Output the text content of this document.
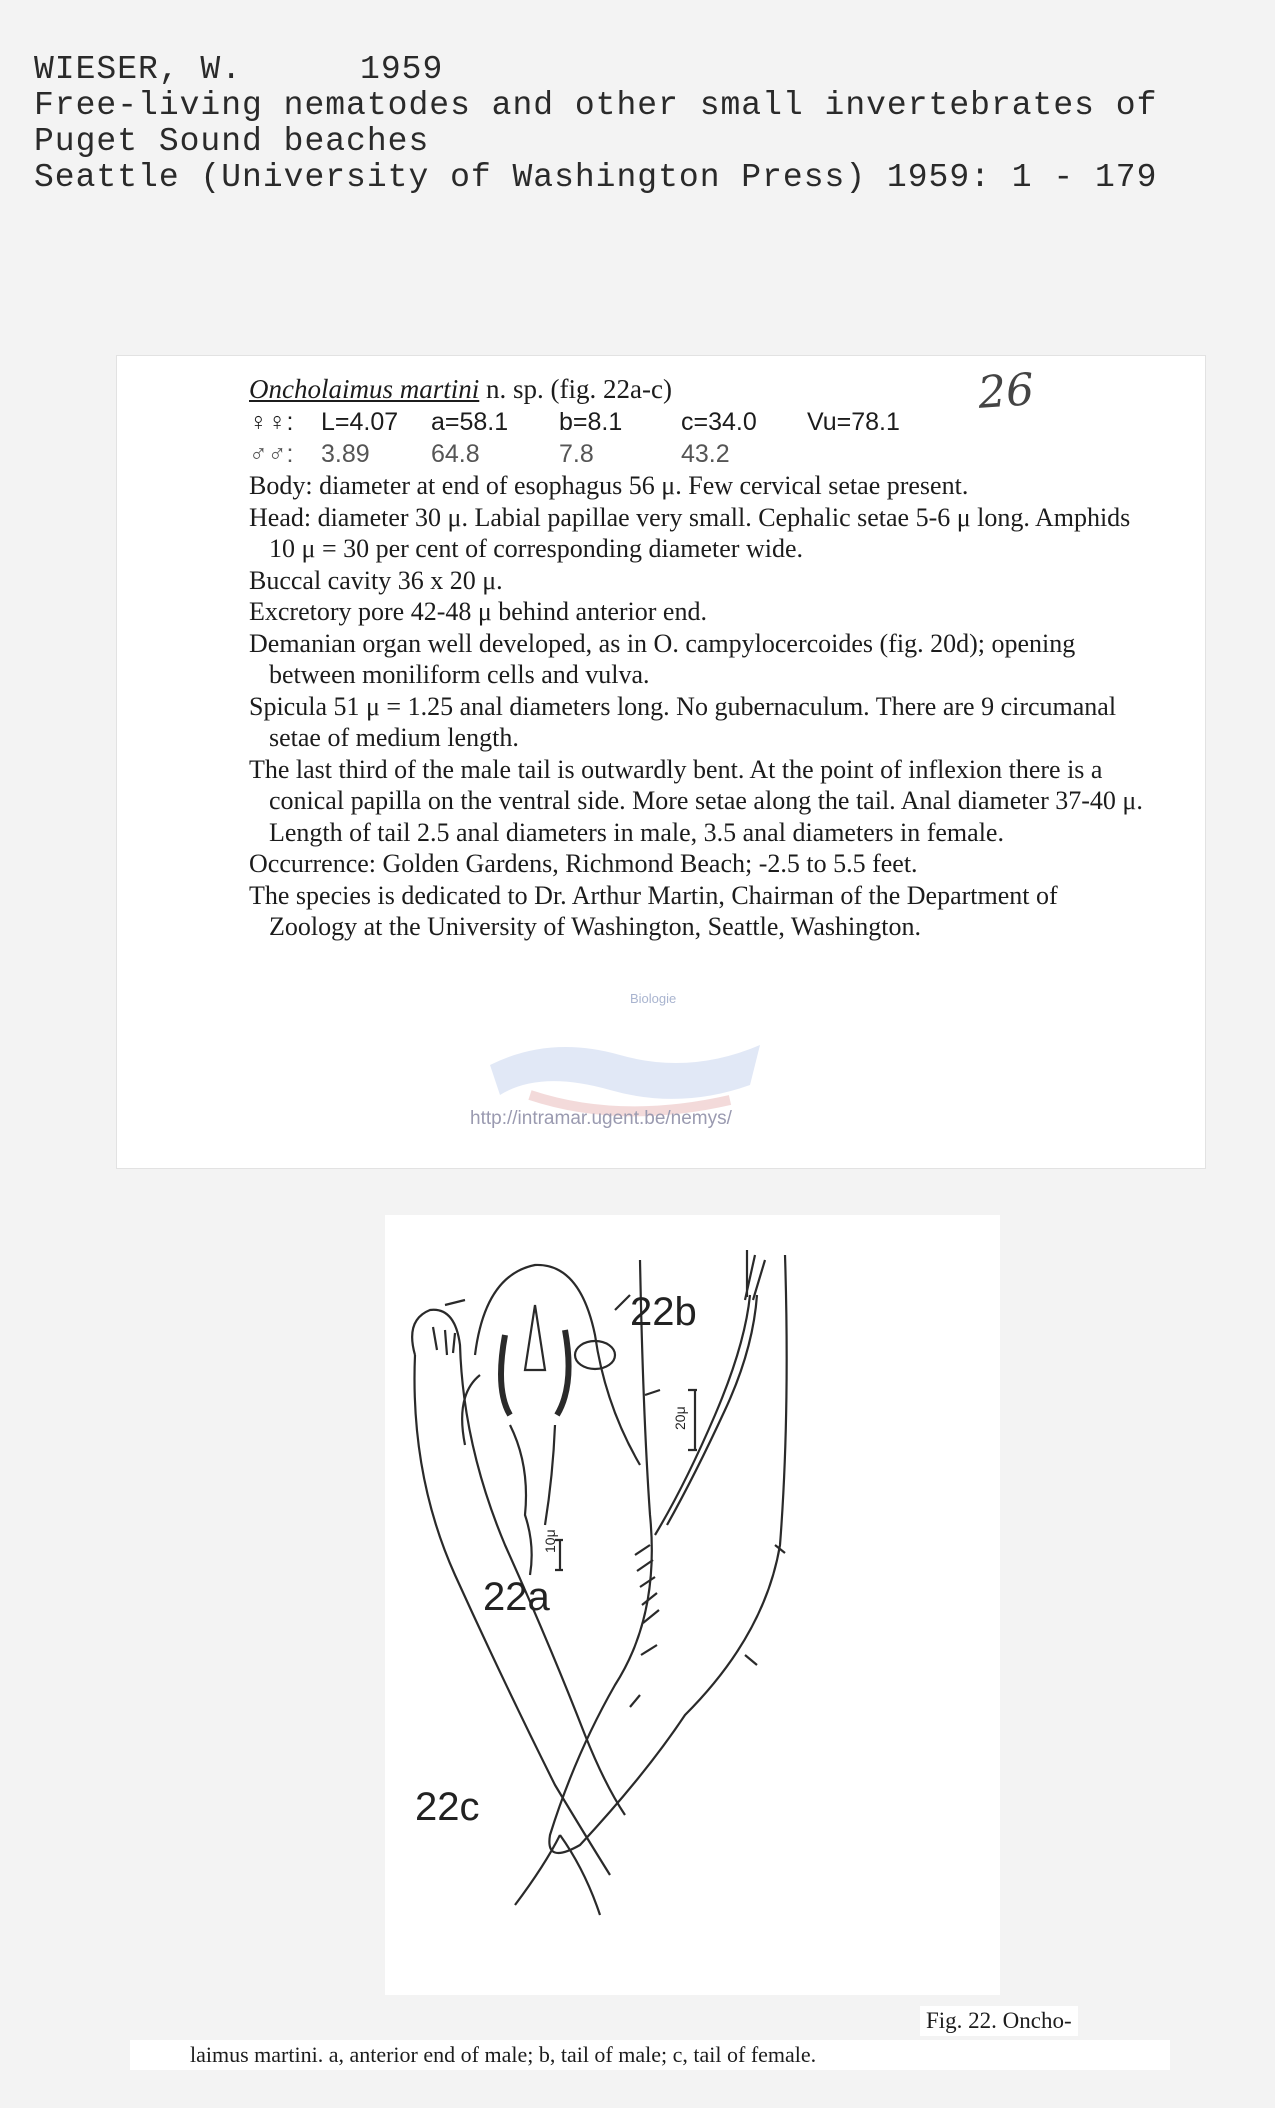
WIESER, W.	1959
Free-living nematodes and other small invertebrates of
Puget Sound beaches
Seattle (University of Washington Press) 1959: 1 - 179
Oncholaimus martini n. sp. (fig. 22a-c)
♀♀: L=4.07 a=58.1 b=8.1 c=34.0 Vu=78.1
♂♂: 3.89 64.8	7.8	43.2

Body: diameter at end of esophagus 56 μ. Few cervical setae present.

Head: diameter 30 μ. Labial papillae very small. Cephalic setae 5-6 μ long. Amphids 10 μ = 30 per cent of corresponding diameter wide.

Buccal cavity 36 x 20 μ.

Excretory pore 42-48 μ behind anterior end.

Demanian organ well developed, as in O. campylocercoides (fig. 20d); opening between moniliform cells and vulva.

Spicula 51 μ = 1.25 anal diameters long. No gubernaculum. There are 9 circumanal setae of medium length.

The last third of the male tail is outwardly bent. At the point of inflexion there is a conical papilla on the ventral side. More setae along the tail. Anal diameter 37-40 μ. Length of tail 2.5 anal diameters in male, 3.5 anal diameters in female.

Occurrence: Golden Gardens, Richmond Beach; -2.5 to 5.5 feet.

The species is dedicated to Dr. Arthur Martin, Chairman of the Department of Zoology at the University of Washington, Seattle, Washington.

26
Biologie
http://intramar.ugent.be/nemys/
22b
22a
22c
10μ
20μ
Fig. 22. Oncho-
laimus martini. a, anterior end of male; b, tail of male; c, tail of female.
